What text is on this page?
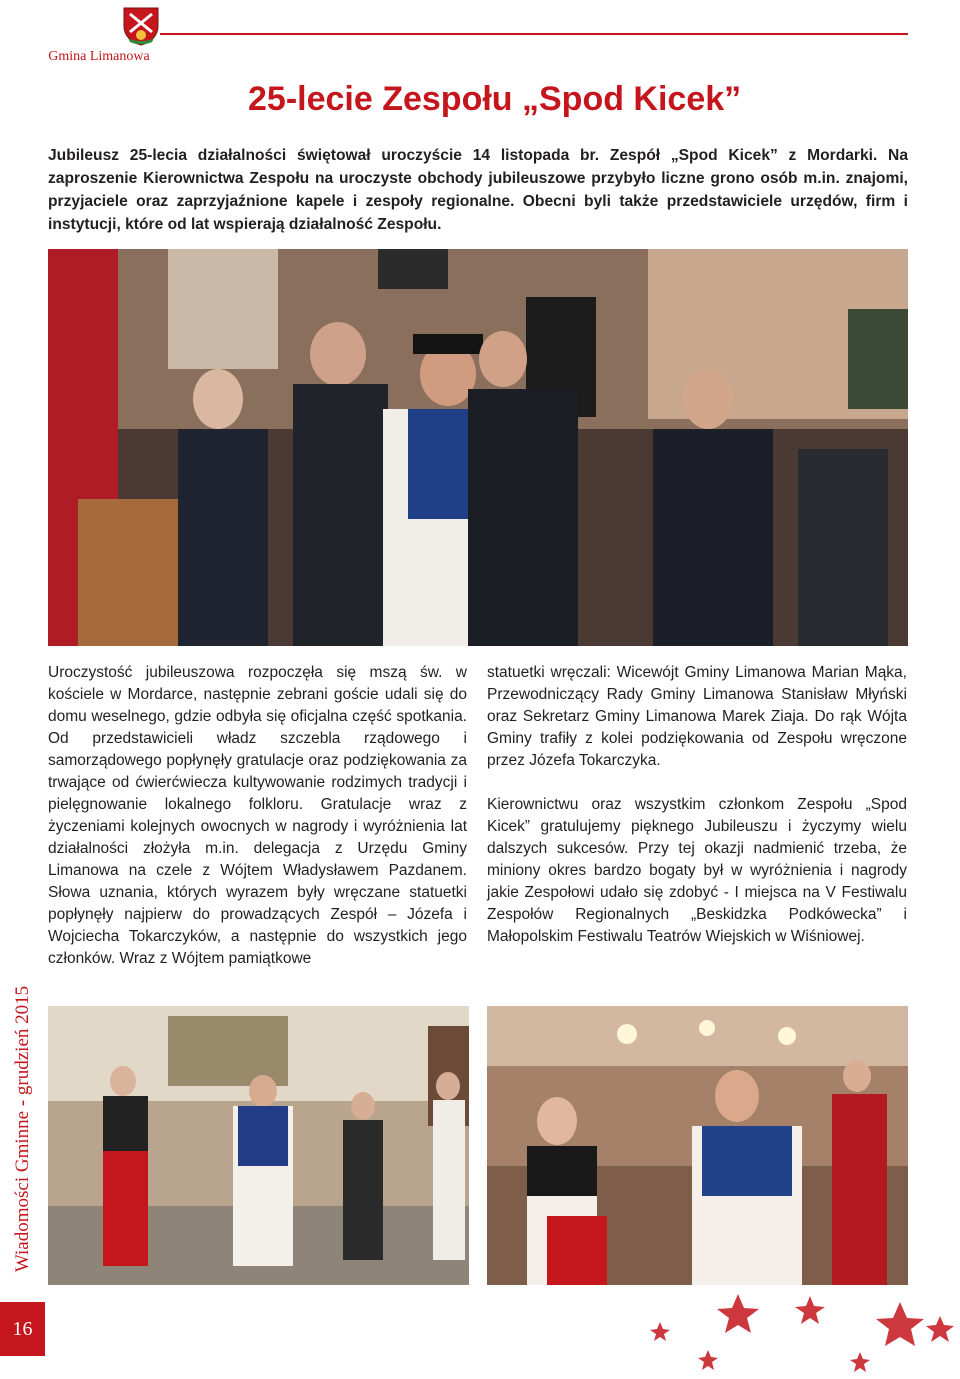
Gmina Limanowa
25-lecie Zespołu „Spod Kicek”
Jubileusz 25-lecia działalności świętował uroczyście 14 listopada br. Zespół „Spod Kicek” z Mordarki. Na zaproszenie Kierownictwa Zespołu na uroczyste obchody jubileuszowe przybyło liczne grono osób m.in. znajomi, przyjaciele oraz zaprzyjaźnione kapele i zespoły regionalne. Obecni byli także przedstawiciele urzędów, firm i instytucji, które od lat wspierają działalność Zespołu.

Uroczystość jubileuszowa rozpoczęła się mszą św. w kościele w Mordarce, następnie zebrani goście udali się do domu weselnego, gdzie odbyła się oficjalna część spotkania. Od przedstawicieli władz szczebla rządowego i samorządowego popłynęły gratulacje oraz podziękowania za trwające od ćwierćwiecza kultywowanie rodzimych tradycji i pielęgnowanie lokalnego folkloru. Gratulacje wraz z życzeniami kolejnych owocnych w nagrody i wyróżnienia lat działalności złożyła m.in. delegacja z Urzędu Gminy Limanowa na czele z Wójtem Władysławem Pazdanem. Słowa uznania, których wyrazem były wręczane statuetki popłynęły najpierw do prowadzących Zespół – Józefa i Wojciecha Tokarczyków, a następnie do wszystkich jego członków. Wraz z Wójtem pamiątkowe

statuetki wręczali: Wicewójt Gminy Limanowa Marian Mąka, Przewodniczący Rady Gminy Limanowa Stanisław Młyński oraz Sekretarz Gminy Limanowa Marek Ziaja. Do rąk Wójta Gminy trafiły z kolei podziękowania od Zespołu wręczone przez Józefa Tokarczyka.

Kierownictwu oraz wszystkim członkom Zespołu „Spod Kicek” gratulujemy pięknego Jubileuszu i życzymy wielu dalszych sukcesów. Przy tej okazji nadmienić trzeba, że miniony okres bardzo bogaty był w wyróżnienia i nagrody jakie Zespołowi udało się zdobyć - I miejsca na V Festiwalu Zespołów Regionalnych „Beskidzka Podkówecka” i Małopolskim Festiwalu Teatrów Wiejskich w Wiśniowej.

Wiadomości Gminne - grudzień 2015
16
